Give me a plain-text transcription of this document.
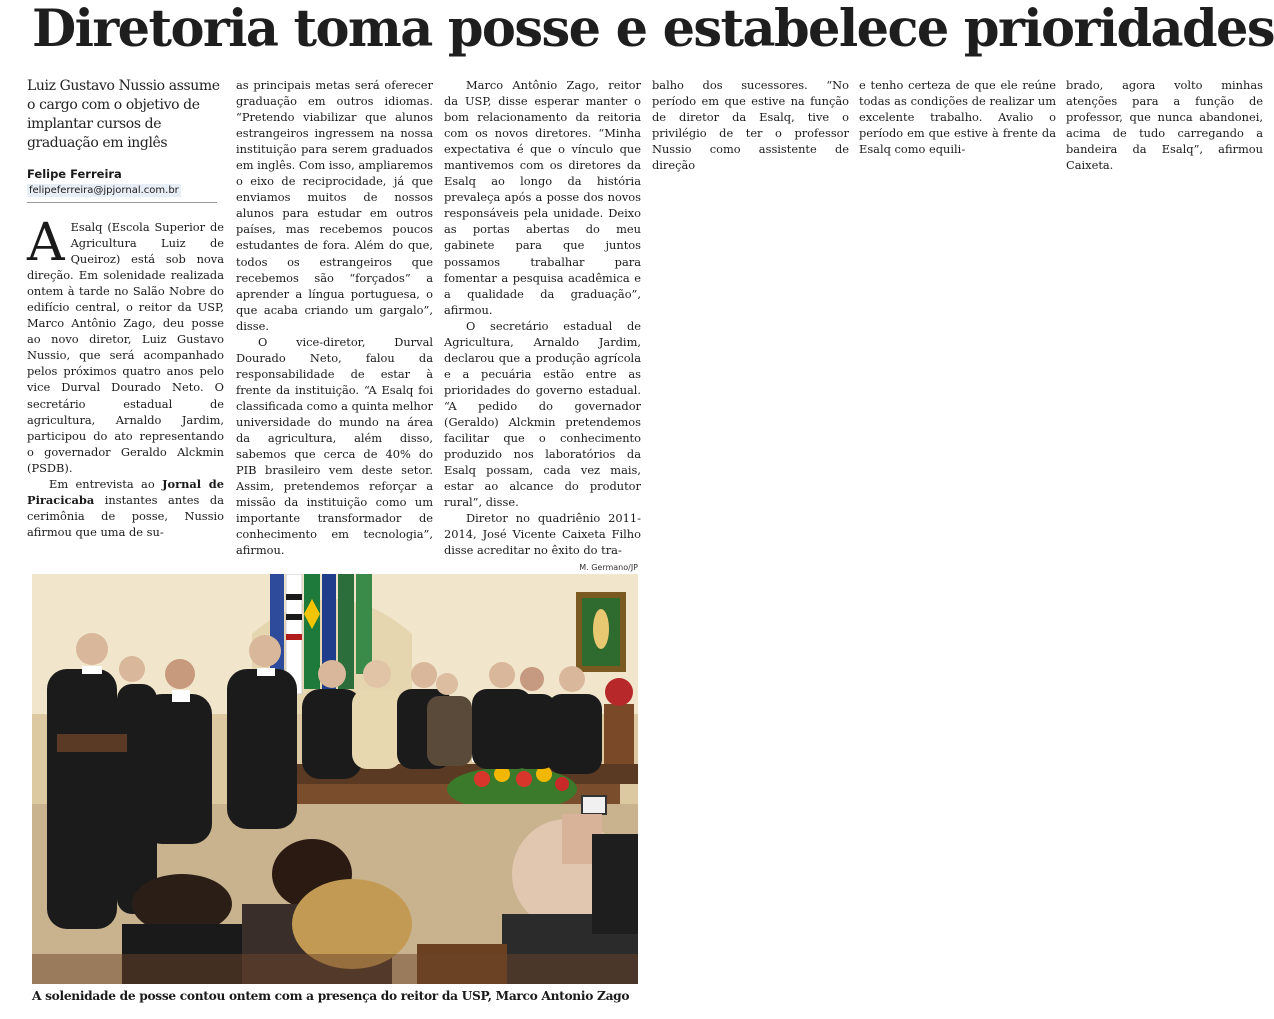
Diretoria toma posse e estabelece prioridades
Luiz Gustavo Nussio assume o cargo com o objetivo de implantar cursos de graduação em inglês
Felipe Ferreira
felipeferreira@jpjornal.com.br

A Esalq (Escola Superior de Agricultura Luiz de Queiroz) está sob nova direção. Em solenidade realizada ontem à tarde no Salão Nobre do edifício central, o reitor da USP, Marco Antônio Zago, deu posse ao novo diretor, Luiz Gustavo Nussio, que será acompanhado pelos próximos quatro anos pelo vice Durval Dourado Neto. O secretário estadual de agricultura, Arnaldo Jardim, participou do ato representando o governador Geraldo Alckmin (PSDB).

Em entrevista ao Jornal de Piracicaba instantes antes da cerimônia de posse, Nussio afirmou que uma de su-

as principais metas será oferecer graduação em outros idiomas. “Pretendo viabilizar que alunos estrangeiros ingressem na nossa instituição para serem graduados em inglês. Com isso, ampliaremos o eixo de reciprocidade, já que enviamos muitos de nossos alunos para estudar em outros países, mas recebemos poucos estudantes de fora. Além do que, todos os estrangeiros que recebemos são “forçados” a aprender a língua portuguesa, o que acaba criando um gargalo”, disse.

O vice-diretor, Durval Dourado Neto, falou da responsabilidade de estar à frente da instituição. “A Esalq foi classificada como a quinta melhor universidade do mundo na área da agricultura, além disso, sabemos que cerca de 40% do PIB brasileiro vem deste setor. Assim, pretendemos reforçar a missão da instituição como um importante transformador de conhecimento em tecnologia”, afirmou.

Marco Antônio Zago, reitor da USP, disse esperar manter o bom relacionamento da reitoria com os novos diretores. “Minha expectativa é que o vínculo que mantivemos com os diretores da Esalq ao longo da história prevaleça após a posse dos novos responsáveis pela unidade. Deixo as portas abertas do meu gabinete para que juntos possamos trabalhar para fomentar a pesquisa acadêmica e a qualidade da graduação”, afirmou.

O secretário estadual de Agricultura, Arnaldo Jardim, declarou que a produção agrícola e a pecuária estão entre as prioridades do governo estadual. “A pedido do governador (Geraldo) Alckmin pretendemos facilitar que o conhecimento produzido nos laboratórios da Esalq possam, cada vez mais, estar ao alcance do produtor rural”, disse.

Diretor no quadriênio 2011-2014, José Vicente Caixeta Filho disse acreditar no êxito do tra-

balho dos sucessores. “No período em que estive na função de diretor da Esalq, tive o privilégio de ter o professor Nussio como assistente de direção

e tenho certeza de que ele reúne todas as condições de realizar um excelente trabalho. Avalio o período em que estive à frente da Esalq como equili-

brado, agora volto minhas atenções para a função de professor, que nunca abandonei, acima de tudo carregando a bandeira da Esalq”, afirmou Caixeta.

M. Germano/JP
A solenidade de posse contou ontem com a presença do reitor da USP, Marco Antonio Zago
